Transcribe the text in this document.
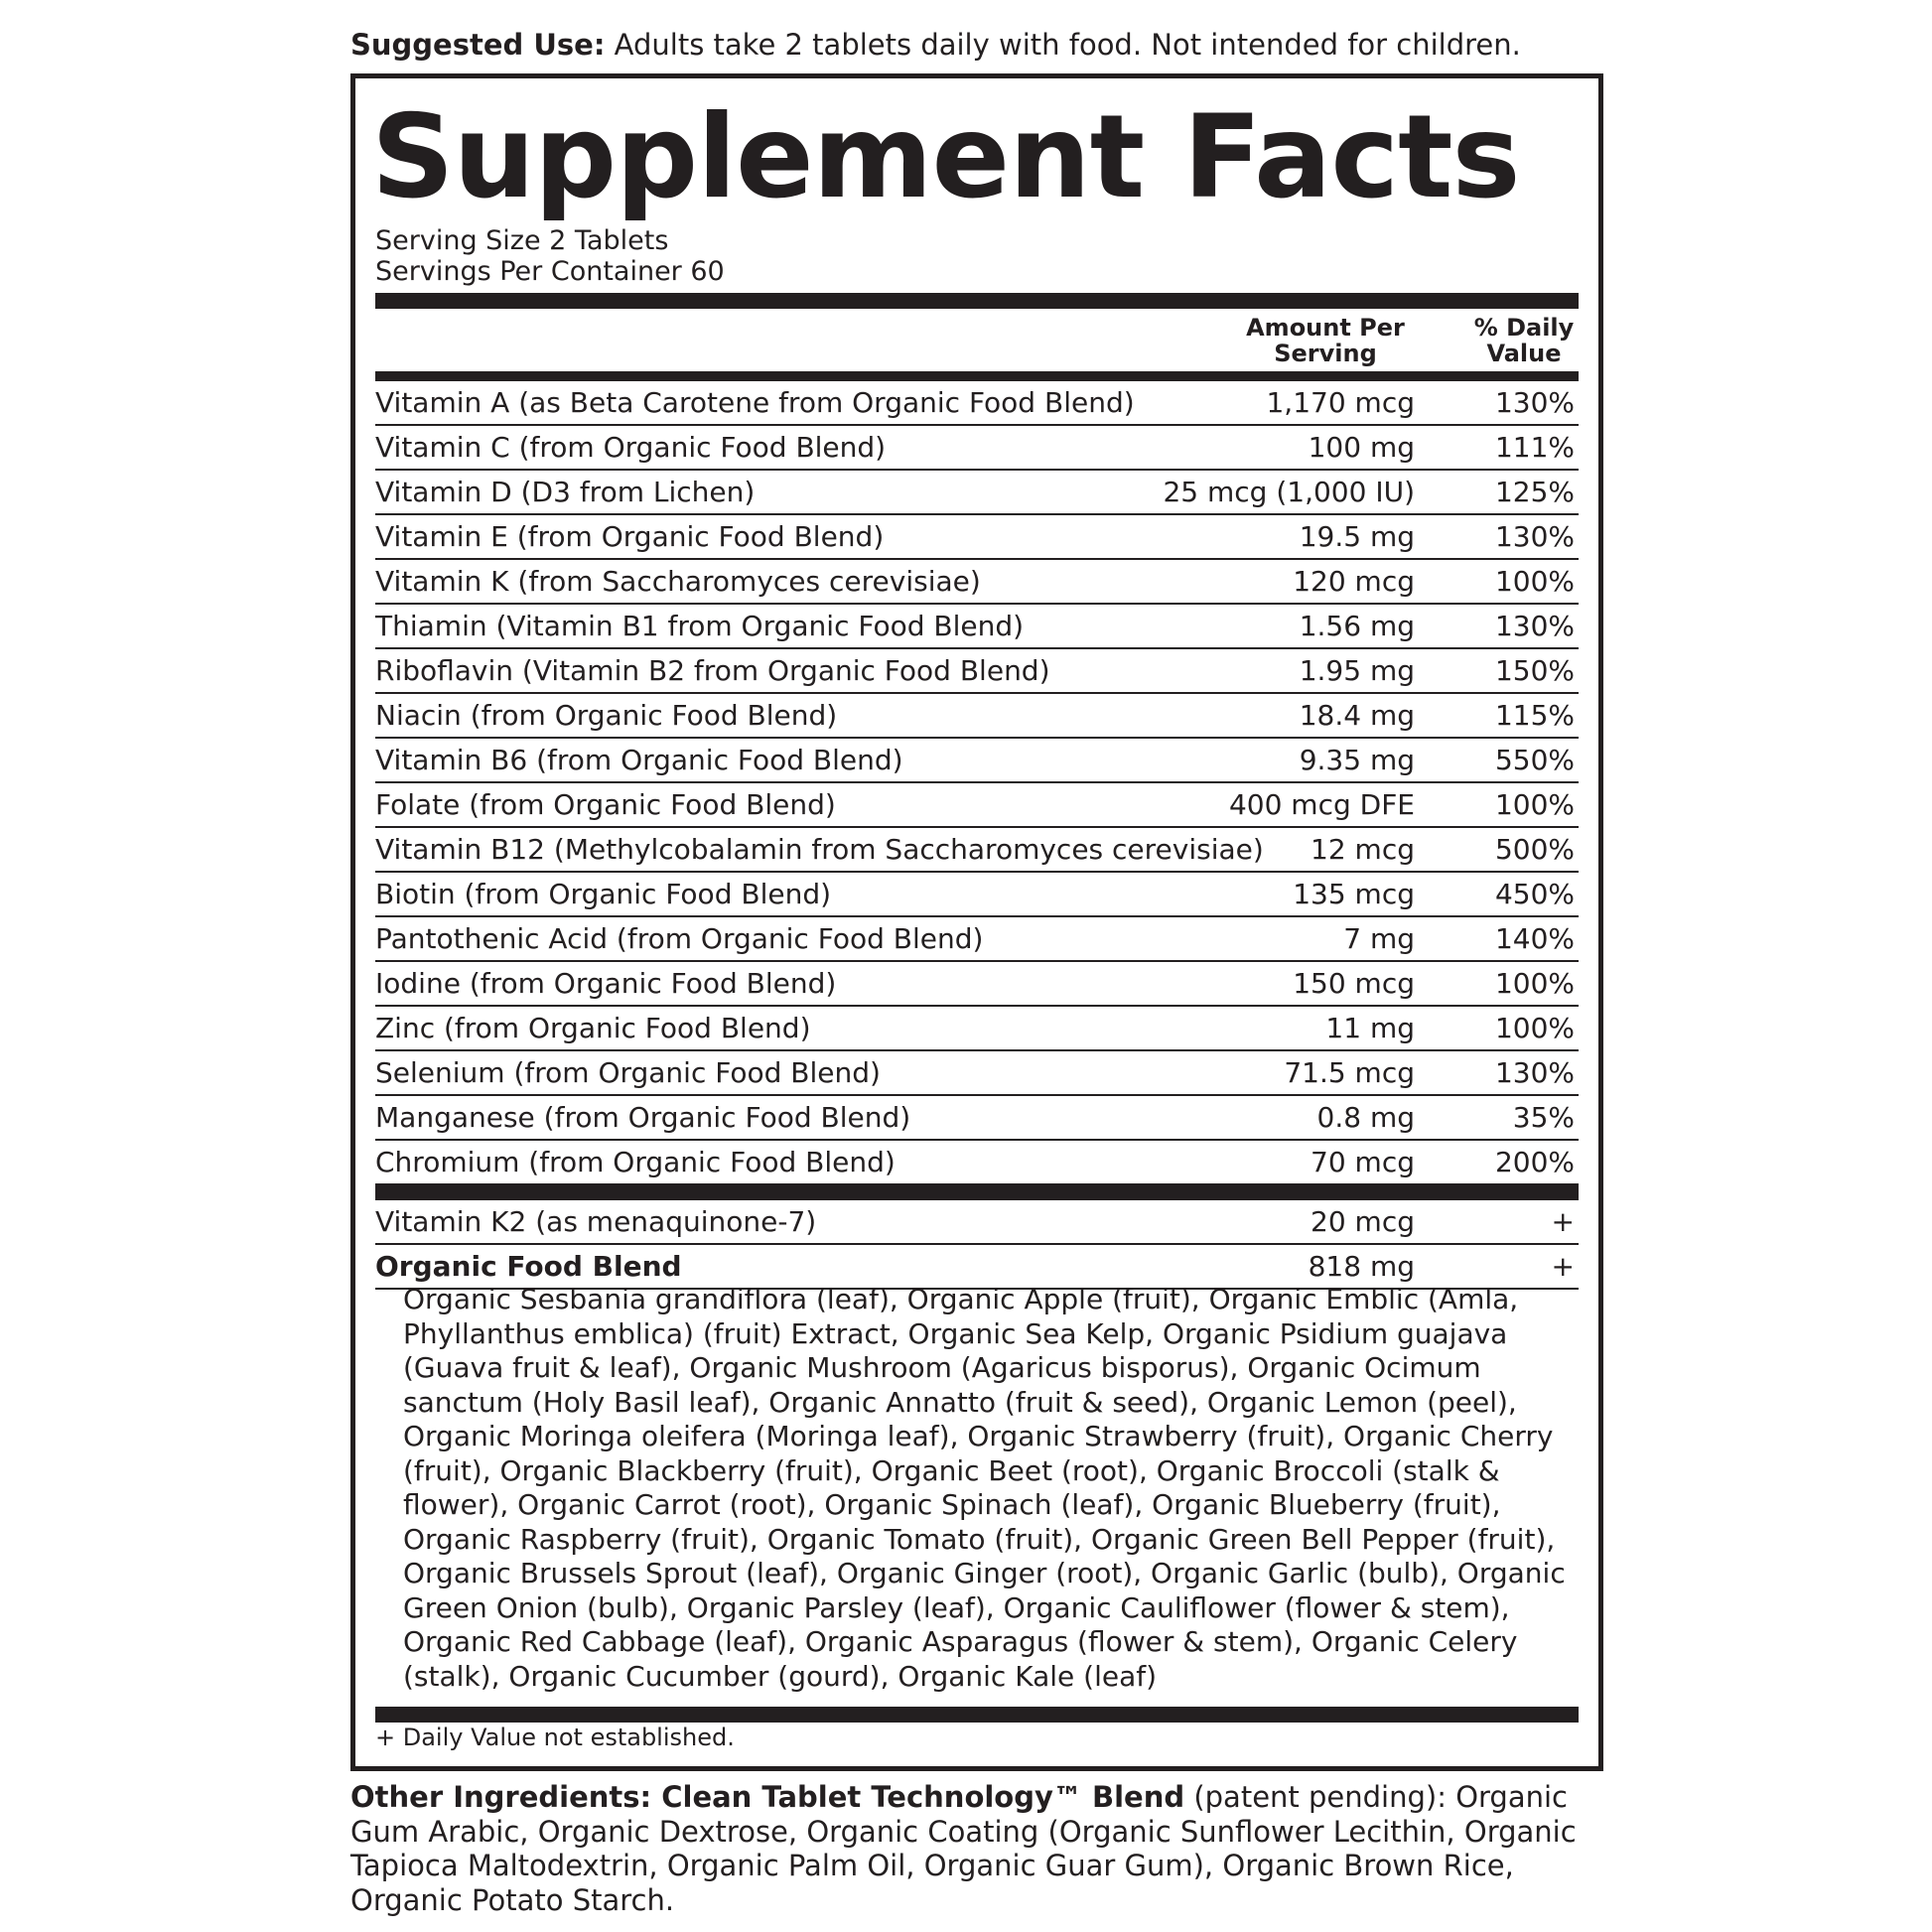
Suggested Use: Adults take 2 tablets daily with food. Not intended for children.
Supplement Facts
Serving Size 2 Tablets
Servings Per Container 60
Amount Per
Serving
% Daily
Value
Vitamin A (as Beta Carotene from Organic Food Blend)	1,170 mcg	130%
Vitamin C (from Organic Food Blend)	100 mg	111%
Vitamin D (D3 from Lichen)	25 mcg (1,000 IU)	125%
Vitamin E (from Organic Food Blend)	19.5 mg	130%
Vitamin K (from Saccharomyces cerevisiae)	120 mcg	100%
Thiamin (Vitamin B1 from Organic Food Blend)	1.56 mg	130%
Riboflavin (Vitamin B2 from Organic Food Blend)	1.95 mg	150%
Niacin (from Organic Food Blend)	18.4 mg	115%
Vitamin B6 (from Organic Food Blend)	9.35 mg	550%
Folate (from Organic Food Blend)	400 mcg DFE	100%
Vitamin B12 (Methylcobalamin from Saccharomyces cerevisiae) 12 mcg	500%
Biotin (from Organic Food Blend)	135 mcg	450%
Pantothenic Acid (from Organic Food Blend)	7 mg	140%
Iodine (from Organic Food Blend)	150 mcg	100%
Zinc (from Organic Food Blend)	11 mg	100%
Selenium (from Organic Food Blend)	71.5 mcg	130%
Manganese (from Organic Food Blend)	0.8 mg	35%
Chromium (from Organic Food Blend)	70 mcg	200%
Vitamin K2 (as menaquinone-7)	20 mcg	+
Organic Food Blend	818 mg	+
Organic Sesbania grandiflora (leaf), Organic Apple (fruit), Organic Emblic (Amla, Phyllanthus emblica) (fruit) Extract, Organic Sea Kelp, Organic Psidium guajava (Guava fruit & leaf), Organic Mushroom (Agaricus bisporus), Organic Ocimum sanctum (Holy Basil leaf), Organic Annatto (fruit & seed), Organic Lemon (peel), Organic Moringa oleifera (Moringa leaf), Organic Strawberry (fruit), Organic Cherry (fruit), Organic Blackberry (fruit), Organic Beet (root), Organic Broccoli (stalk & flower), Organic Carrot (root), Organic Spinach (leaf), Organic Blueberry (fruit), Organic Raspberry (fruit), Organic Tomato (fruit), Organic Green Bell Pepper (fruit), Organic Brussels Sprout (leaf), Organic Ginger (root), Organic Garlic (bulb), Organic Green Onion (bulb), Organic Parsley (leaf), Organic Cauliflower (flower & stem), Organic Red Cabbage (leaf), Organic Asparagus (flower & stem), Organic Celery (stalk), Organic Cucumber (gourd), Organic Kale (leaf)
+ Daily Value not established.
Other Ingredients: Clean Tablet Technology™ Blend (patent pending): Organic Gum Arabic, Organic Dextrose, Organic Coating (Organic Sunflower Lecithin, Organic Tapioca Maltodextrin, Organic Palm Oil, Organic Guar Gum), Organic Brown Rice, Organic Potato Starch.
